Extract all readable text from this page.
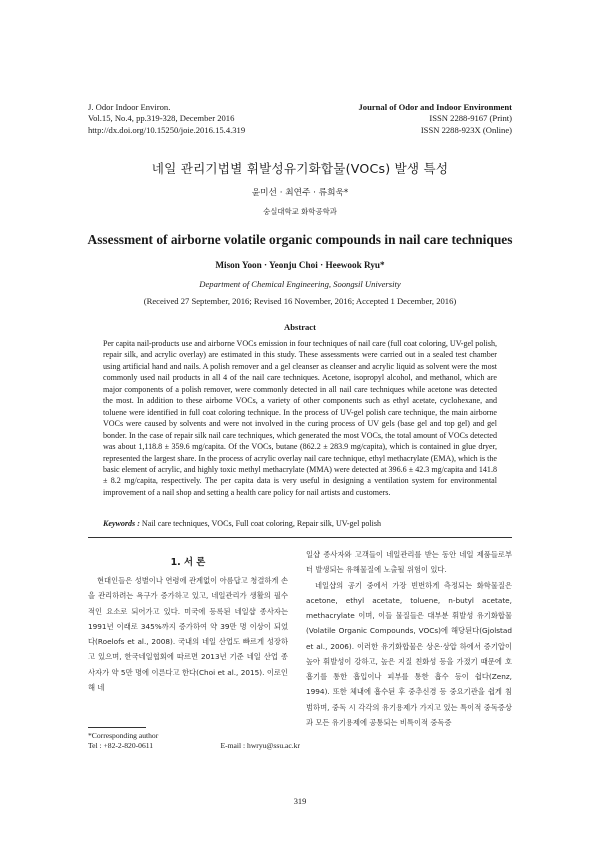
J. Odor Indoor Environ.
Vol.15, No.4, pp.319-328, December 2016
http://dx.doi.org/10.15250/joie.2016.15.4.319
Journal of Odor and Indoor Environment
ISSN 2288-9167 (Print)
ISSN 2288-923X (Online)
네일 관리기법별 휘발성유기화합물(VOCs) 발생 특성
윤미선 · 최연주 · 류희욱*
숭실대학교 화학공학과
Assessment of airborne volatile organic compounds in nail care techniques
Mison Yoon · Yeonju Choi · Heewook Ryu*
Department of Chemical Engineering, Soongsil University
(Received 27 September, 2016; Revised 16 November, 2016; Accepted 1 December, 2016)
Abstract
Per capita nail-products use and airborne VOCs emission in four techniques of nail care (full coat coloring, UV-gel polish, repair silk, and acrylic overlay) are estimated in this study. These assessments were carried out in a sealed test chamber using artificial hand and nails. A polish remover and a gel cleanser as cleanser and acrylic liquid as solvent were the most commonly used nail products in all 4 of the nail care techniques. Acetone, isopropyl alcohol, and methanol, which are major components of a polish remover, were commonly detected in all nail care techniques while acetone was detected the most. In addition to these airborne VOCs, a variety of other components such as ethyl acetate, cyclohexane, and toluene were identified in full coat coloring technique. In the process of UV-gel polish care technique, the main airborne VOCs were caused by solvents and were not involved in the curing process of UV gels (base gel and top gel) and gel bonder. In the case of repair silk nail care techniques, which generated the most VOCs, the total amount of VOCs detected was about 1,118.8 ± 359.6 mg/capita. Of the VOCs, butane (862.2 ± 283.9 mg/capita), which is contained in glue dryer, represented the largest share. In the process of acrylic overlay nail care technique, ethyl methacrylate (EMA), which is the basic element of acrylic, and highly toxic methyl methacrylate (MMA) were detected at 396.6 ± 42.3 mg/capita and 141.8 ± 8.2 mg/capita, respectively. The per capita data is very useful in designing a ventilation system for environmental improvement of a nail shop and setting a health care policy for nail artists and customers.
Keywords : Nail care techniques, VOCs, Full coat coloring, Repair silk, UV-gel polish
1. 서 론

현대인들은 성별이나 연령에 관계없이 아름답고 청결하게 손을 관리하려는 욕구가 증가하고 있고, 네일관리가 생활의 필수적인 요소로 되어가고 있다. 미국에 등록된 네일샵 종사자는 1991년 이래로 345%까지 증가하여 약 39만 명 이상이 되었다(Roelofs et al., 2008). 국내의 네일 산업도 빠르게 성장하고 있으며, 한국네일협회에 따르면 2013년 기준 네일 산업 종사자가 약 5만 명에 이른다고 한다(Choi et al., 2015). 이로인해 네

일샵 종사자와 고객들이 네일관리를 받는 동안 네일 제품들로부터 발생되는 유해물질에 노출될 위험이 있다.

네일샵의 공기 중에서 가장 빈번하게 측정되는 화학물질은 acetone, ethyl acetate, toluene, n-butyl acetate, methacrylate 이며, 이들 물질들은 대부분 휘발성 유기화합물(Volatile Organic Compounds, VOCs)에 해당된다(Gjolstad et al., 2006). 이러한 유기화합물은 상온·상압 하에서 증기압이 높아 휘발성이 강하고, 높은 지질 친화성 등을 가졌기 때문에 호흡기를 통한 흡입이나 피부를 통한 흡수 등이 쉽다(Zenz, 1994). 또한 체내에 흡수된 후 중추신경 등 중요기관을 쉽게 침범하며, 중독 시 각각의 유기용제가 가지고 있는 특이적 중독증상과 모든 유기용제에 공통되는 비특이적 중독증

*Corresponding author
Tel : +82-2-820-0611	E-mail : hwryu@ssu.ac.kr
319
